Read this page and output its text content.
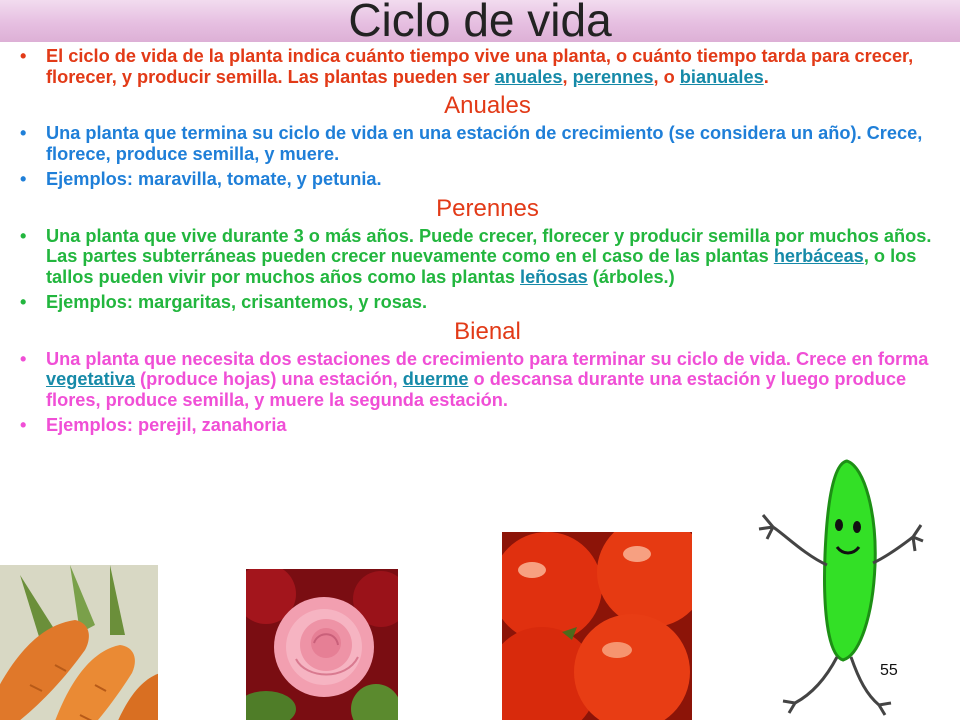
Ciclo de vida
• El ciclo de vida de la planta indica cuánto tiempo vive una planta, o cuánto tiempo tarda para crecer, florecer, y producir semilla. Las plantas pueden ser anuales, perennes, o bianuales.
Anuales
• Una planta que termina su ciclo de vida en una estación de crecimiento (se considera un año). Crece, florece, produce semilla, y muere.
• Ejemplos: maravilla, tomate, y petunia.
Perennes
• Una planta que vive durante 3 o más años. Puede crecer, florecer y producir semilla por muchos años. Las partes subterráneas pueden crecer nuevamente como en el caso de las plantas herbáceas, o los tallos pueden vivir por muchos años como las plantas leñosas (árboles.)
• Ejemplos: margaritas, crisantemos, y rosas.
Bienal
• Una planta que necesita dos estaciones de crecimiento para terminar su ciclo de vida. Crece en forma vegetativa (produce hojas) una estación, duerme o descansa durante una estación y luego produce flores, produce semilla, y muere la segunda estación.
• Ejemplos: perejil, zanahoria
55
